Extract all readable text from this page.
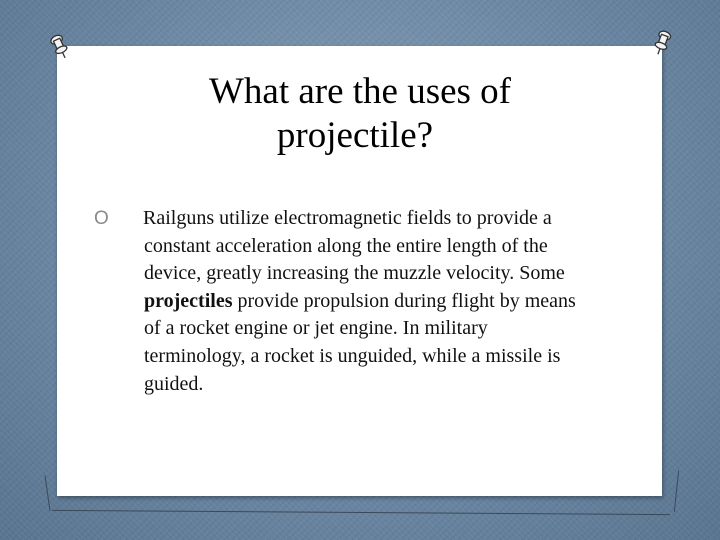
What are the uses of
projectile?
O	Railguns utilize electromagnetic fields to provide a constant acceleration along the entire length of the device, greatly increasing the muzzle velocity. Some projectiles provide propulsion during flight by means of a rocket engine or jet engine. In military terminology, a rocket is unguided, while a missile is guided.
